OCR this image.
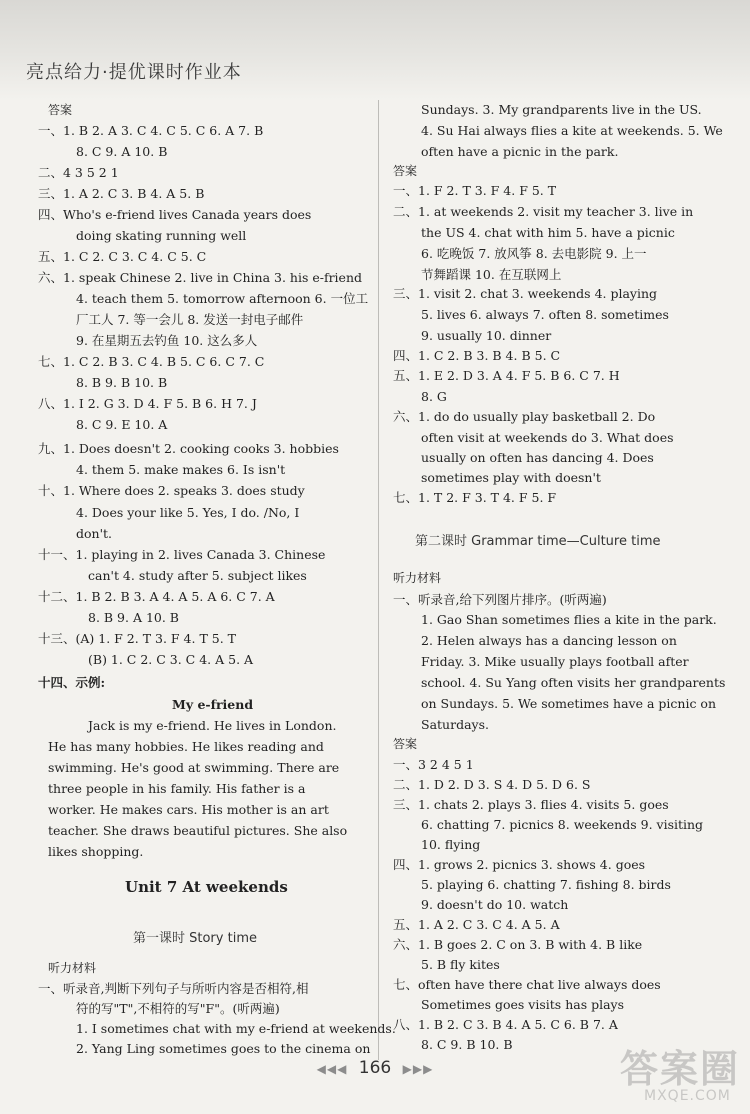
亮点给力·提优课时作业本
答案
一、1. B 2. A 3. C 4. C 5. C 6. A 7. B
8. C 9. A 10. B
二、4 3 5 2 1
三、1. A 2. C 3. B 4. A 5. B
四、Who's e-friend lives Canada years does
doing skating running well
五、1. C 2. C 3. C 4. C 5. C
六、1. speak Chinese 2. live in China 3. his e-friend
4. teach them 5. tomorrow afternoon 6. 一位工
厂工人 7. 等一会儿 8. 发送一封电子邮件
9. 在星期五去钓鱼 10. 这么多人
七、1. C 2. B 3. C 4. B 5. C 6. C 7. C
8. B 9. B 10. B
八、1. I 2. G 3. D 4. F 5. B 6. H 7. J
8. C 9. E 10. A
九、1. Does doesn't 2. cooking cooks 3. hobbies
4. them 5. make makes 6. Is isn't
十、1. Where does 2. speaks 3. does study
4. Does your like 5. Yes, I do. /No, I
don't.
十一、1. playing in 2. lives Canada 3. Chinese
can't 4. study after 5. subject likes
十二、1. B 2. B 3. A 4. A 5. A 6. C 7. A
8. B 9. A 10. B
十三、(A) 1. F 2. T 3. F 4. T 5. T
(B) 1. C 2. C 3. C 4. A 5. A
十四、示例:
My e-friend
Jack is my e-friend. He lives in London.
He has many hobbies. He likes reading and
swimming. He's good at swimming. There are
three people in his family. His father is a
worker. He makes cars. His mother is an art
teacher. She draws beautiful pictures. She also
likes shopping.
听力材料
一、听录音,判断下列句子与所听内容是否相符,相
符的写"T",不相符的写"F"。(听两遍)
1. I sometimes chat with my e-friend at weekends.
2. Yang Ling sometimes goes to the cinema on
Unit 7 At weekends
第一课时 Story time
Sundays. 3. My grandparents live in the US.
4. Su Hai always flies a kite at weekends. 5. We
often have a picnic in the park.
答案
一、1. F 2. T 3. F 4. F 5. T
二、1. at weekends 2. visit my teacher 3. live in
the US 4. chat with him 5. have a picnic
6. 吃晚饭 7. 放风筝 8. 去电影院 9. 上一
节舞蹈课 10. 在互联网上
三、1. visit 2. chat 3. weekends 4. playing
5. lives 6. always 7. often 8. sometimes
9. usually 10. dinner
四、1. C 2. B 3. B 4. B 5. C
五、1. E 2. D 3. A 4. F 5. B 6. C 7. H
8. G
六、1. do do usually play basketball 2. Do
often visit at weekends do 3. What does
usually on often has dancing 4. Does
sometimes play with doesn't
七、1. T 2. F 3. T 4. F 5. F
听力材料
一、听录音,给下列图片排序。(听两遍)
1. Gao Shan sometimes flies a kite in the park.
2. Helen always has a dancing lesson on
Friday. 3. Mike usually plays football after
school. 4. Su Yang often visits her grandparents
on Sundays. 5. We sometimes have a picnic on
Saturdays.
答案
一、3 2 4 5 1
二、1. D 2. D 3. S 4. D 5. D 6. S
三、1. chats 2. plays 3. flies 4. visits 5. goes
6. chatting 7. picnics 8. weekends 9. visiting
10. flying
四、1. grows 2. picnics 3. shows 4. goes
5. playing 6. chatting 7. fishing 8. birds
9. doesn't do 10. watch
五、1. A 2. C 3. C 4. A 5. A
六、1. B goes 2. C on 3. B with 4. B like
5. B fly kites
七、often have there chat live always does
Sometimes goes visits has plays
八、1. B 2. C 3. B 4. A 5. C 6. B 7. A
8. C 9. B 10. B
第二课时 Grammar time—Culture time
◀◀◀ 166 ▶▶▶	答案圈
MXQE.COM
